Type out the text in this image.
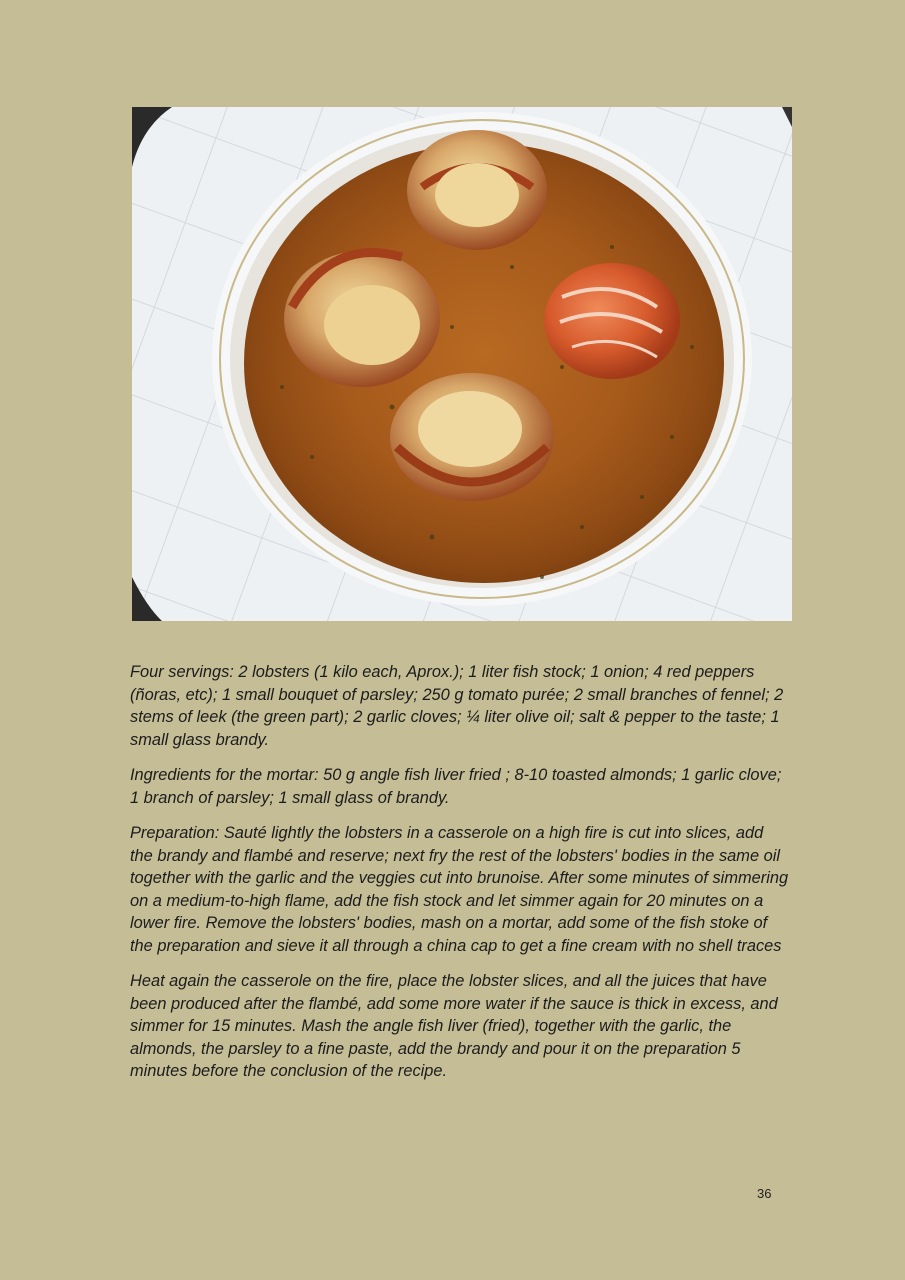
Four servings: 2 lobsters (1 kilo each, Aprox.); 1 liter fish stock; 1 onion; 4 red peppers (ñoras, etc); 1 small bouquet of parsley; 250 g tomato purée; 2 small branches of fennel; 2 stems of leek (the green part); 2 garlic cloves; ¼ liter olive oil; salt & pepper to the taste; 1 small glass brandy.

Ingredients for the mortar: 50 g angle fish liver fried ; 8-10 toasted almonds; 1 garlic clove; 1 branch of parsley; 1 small glass of brandy.

Preparation: Sauté lightly the lobsters in a casserole on a high fire is cut into slices, add the brandy and flambé and reserve; next fry the rest of the lobsters' bodies in the same oil together with the garlic and the veggies cut into brunoise. After some minutes of simmering on a medium-to-high flame, add the fish stock and let simmer again for 20 minutes on a lower fire. Remove the lobsters' bodies, mash on a mortar, add some of the fish stoke of the preparation and sieve it all through a china cap to get a fine cream with no shell traces

Heat again the casserole on the fire, place the lobster slices, and all the juices that have been produced after the flambé, add some more water if the sauce is thick in excess, and simmer for 15 minutes. Mash the angle fish liver (fried), together with the garlic, the almonds, the parsley to a fine paste, add the brandy and pour it on the preparation 5 minutes before the conclusion of the recipe.

36
